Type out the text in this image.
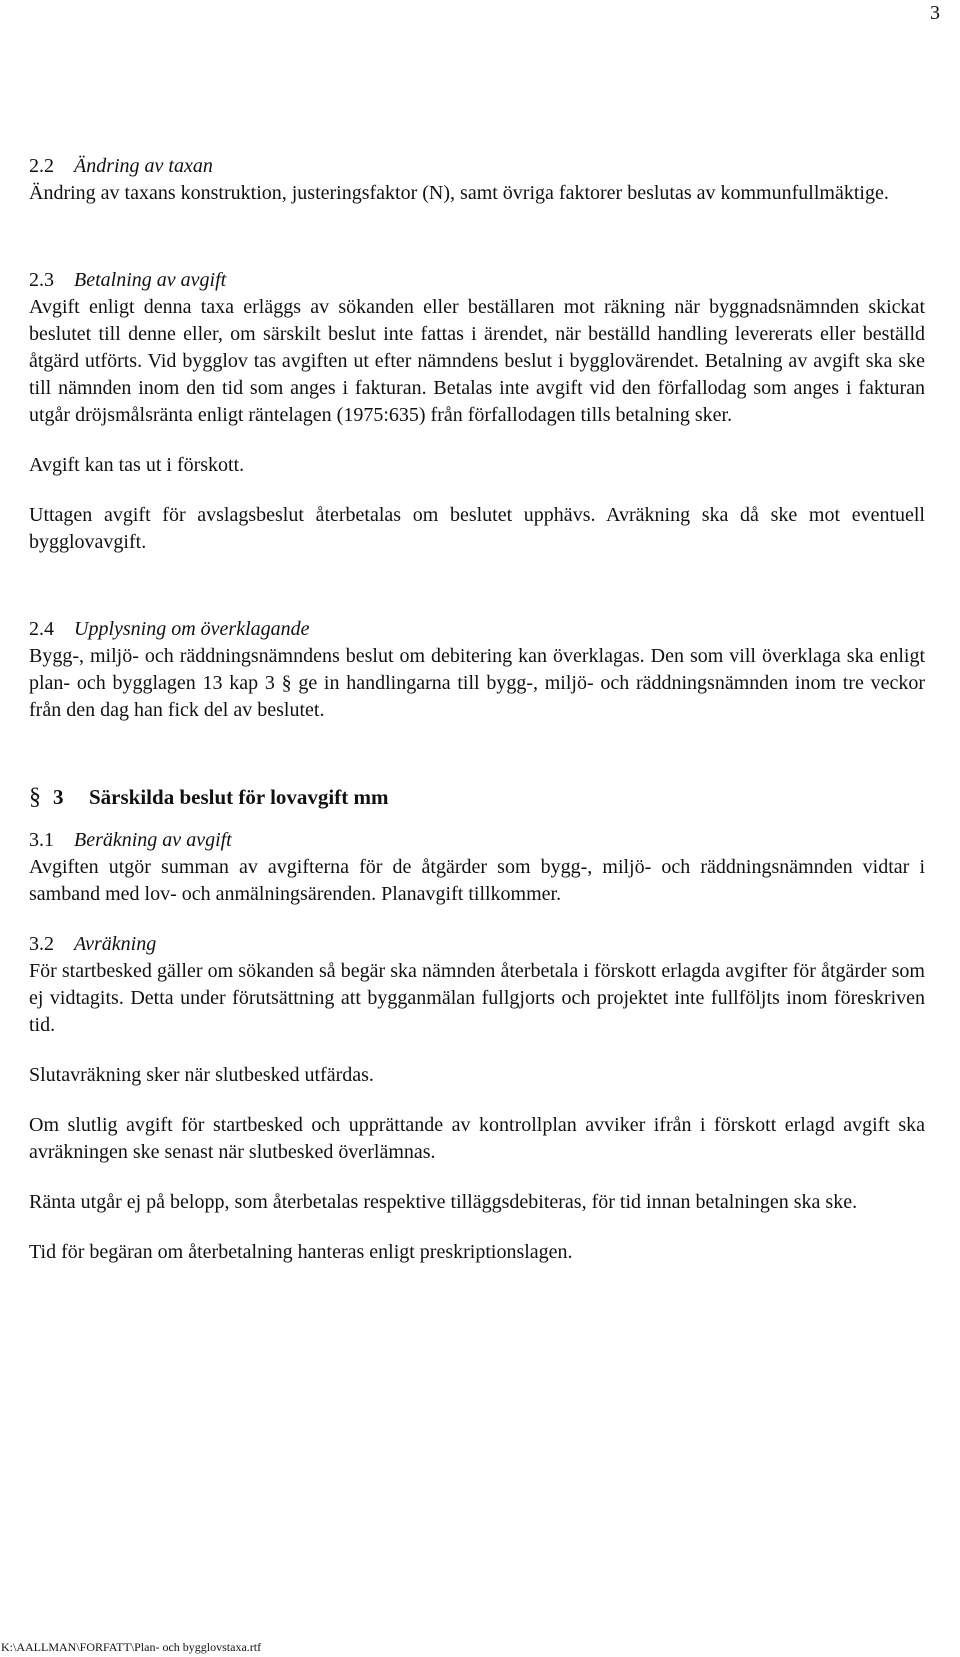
3
2.2 Ändring av taxan

Ändring av taxans konstruktion, justeringsfaktor (N), samt övriga faktorer beslutas av kommunfullmäktige.

2.3 Betalning av avgift

Avgift enligt denna taxa erläggs av sökanden eller beställaren mot räkning när byggnadsnämnden skickat beslutet till denne eller, om särskilt beslut inte fattas i ärendet, när beställd handling levererats eller beställd åtgärd utförts. Vid bygglov tas avgiften ut efter nämndens beslut i bygglovärendet. Betalning av avgift ska ske till nämnden inom den tid som anges i fakturan. Betalas inte avgift vid den förfallodag som anges i fakturan utgår dröjsmålsränta enligt räntelagen (1975:635) från förfallodagen tills betalning sker.

Avgift kan tas ut i förskott.

Uttagen avgift för avslagsbeslut återbetalas om beslutet upphävs. Avräkning ska då ske mot eventuell bygglovavgift.

2.4 Upplysning om överklagande

Bygg-, miljö- och räddningsnämndens beslut om debitering kan överklagas. Den som vill överklaga ska enligt plan- och bygglagen 13 kap 3 § ge in handlingarna till bygg-, miljö- och räddningsnämnden inom tre veckor från den dag han fick del av beslutet.

§ 3	Särskilda beslut för lovavgift mm
3.1 Beräkning av avgift

Avgiften utgör summan av avgifterna för de åtgärder som bygg-, miljö- och räddningsnämnden vidtar i samband med lov- och anmälningsärenden. Planavgift tillkommer.

3.2 Avräkning

För startbesked gäller om sökanden så begär ska nämnden återbetala i förskott erlagda avgifter för åtgärder som ej vidtagits. Detta under förutsättning att bygganmälan fullgjorts och projektet inte fullföljts inom föreskriven tid.

Slutavräkning sker när slutbesked utfärdas.

Om slutlig avgift för startbesked och upprättande av kontrollplan avviker ifrån i förskott erlagd avgift ska avräkningen ske senast när slutbesked överlämnas.

Ränta utgår ej på belopp, som återbetalas respektive tilläggsdebiteras, för tid innan betalningen ska ske.

Tid för begäran om återbetalning hanteras enligt preskriptionslagen.

K:\AALLMAN\FORFATT\Plan- och bygglovstaxa.rtf
